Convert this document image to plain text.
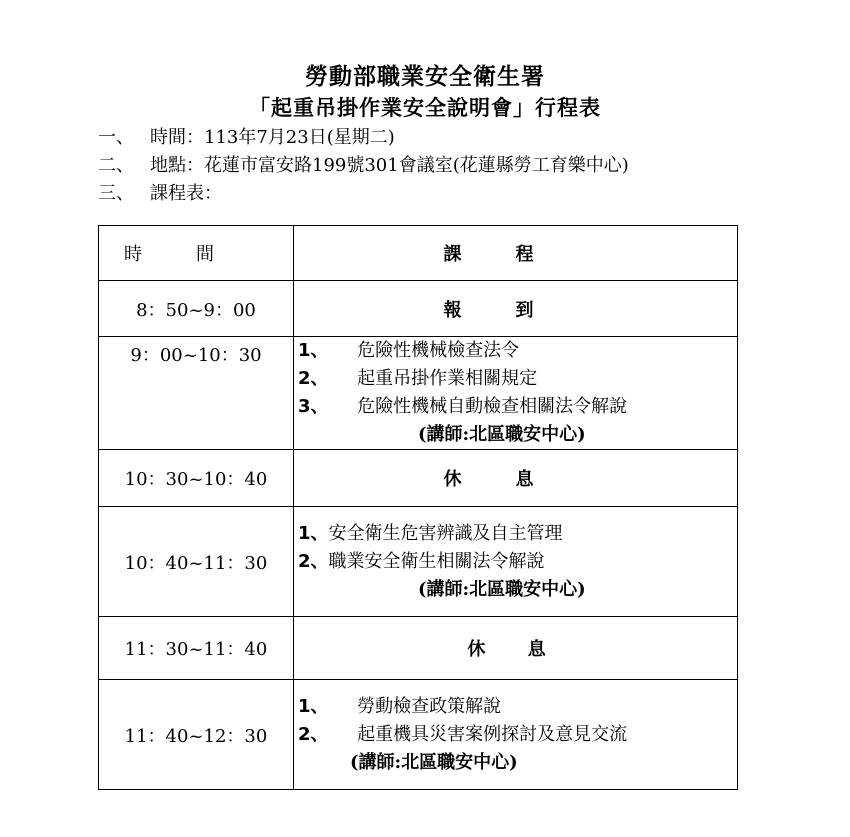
勞動部職業安全衛生署
「起重吊掛作業安全說明會」行程表
一、 時間：113年7月23日(星期二)
二、 地點：花蓮市富安路199號301會議室(花蓮縣勞工育樂中心)
三、 課程表：
時間	課程
8：50~9：00	報到
9：00~10：30	1、 危險性機械檢查法令
2、 起重吊掛作業相關規定
3、 危險性機械自動檢查相關法令解說
(講師:北區職安中心)

10：30~10：40	休息
10：40~11：30	1、安全衛生危害辨識及自主管理
2、職業安全衛生相關法令解說
(講師:北區職安中心)

11：30~11：40	休 息
11：40~12：30	1、 勞動檢查政策解說
2、 起重機具災害案例探討及意見交流
(講師:北區職安中心)
